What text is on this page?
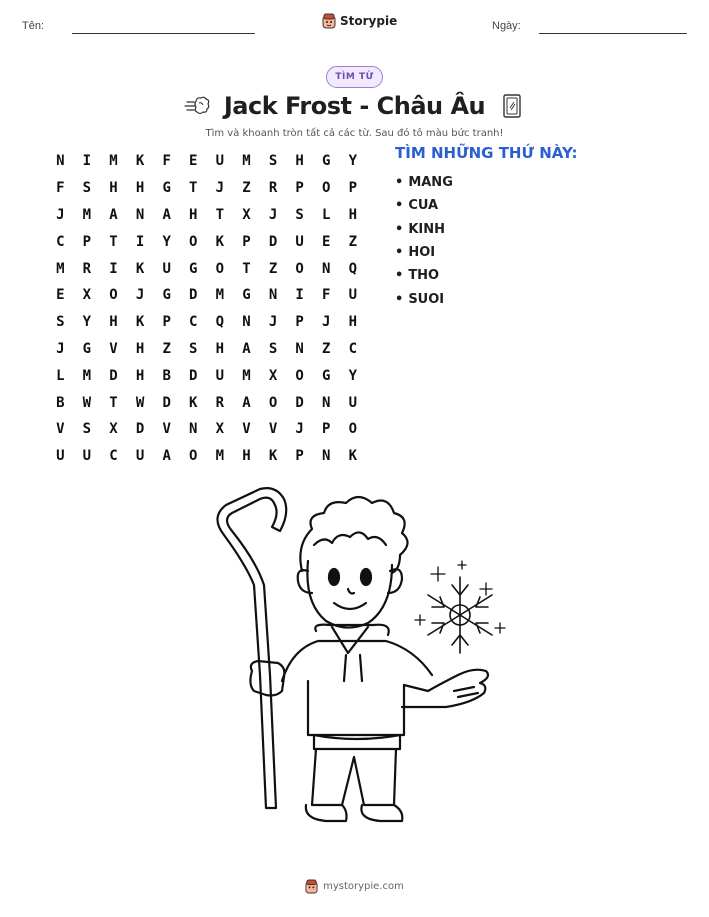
Tên:	Storypie	Ngày:
TÌM TỪ
Jack Frost - Châu Âu
Tìm và khoanh tròn tất cả các từ. Sau đó tô màu bức tranh!
N	I	M	K	F	E	U	M	S	H	G	Y
F	S	H	H	G	T	J	Z	R	P	O	P
J	M	A	N	A	H	T	X	J	S	L	H
C	P	T	I	Y	O	K	P	D	U	E	Z
M	R	I	K	U	G	O	T	Z	O	N	Q
E	X	O	J	G	D	M	G	N	I	F	U
S	Y	H	K	P	C	Q	N	J	P	J	H
J	G	V	H	Z	S	H	A	S	N	Z	C
L	M	D	H	B	D	U	M	X	O	G	Y
B	W	T	W	D	K	R	A	O	D	N	U
V	S	X	D	V	N	X	V	V	J	P	O
U	U	C	U	A	O	M	H	K	P	N	K
TÌM NHỮNG THỨ NÀY:
• MANG
• CUA
• KINH
• HOI
• THO
• SUOI
mystorypie.com
